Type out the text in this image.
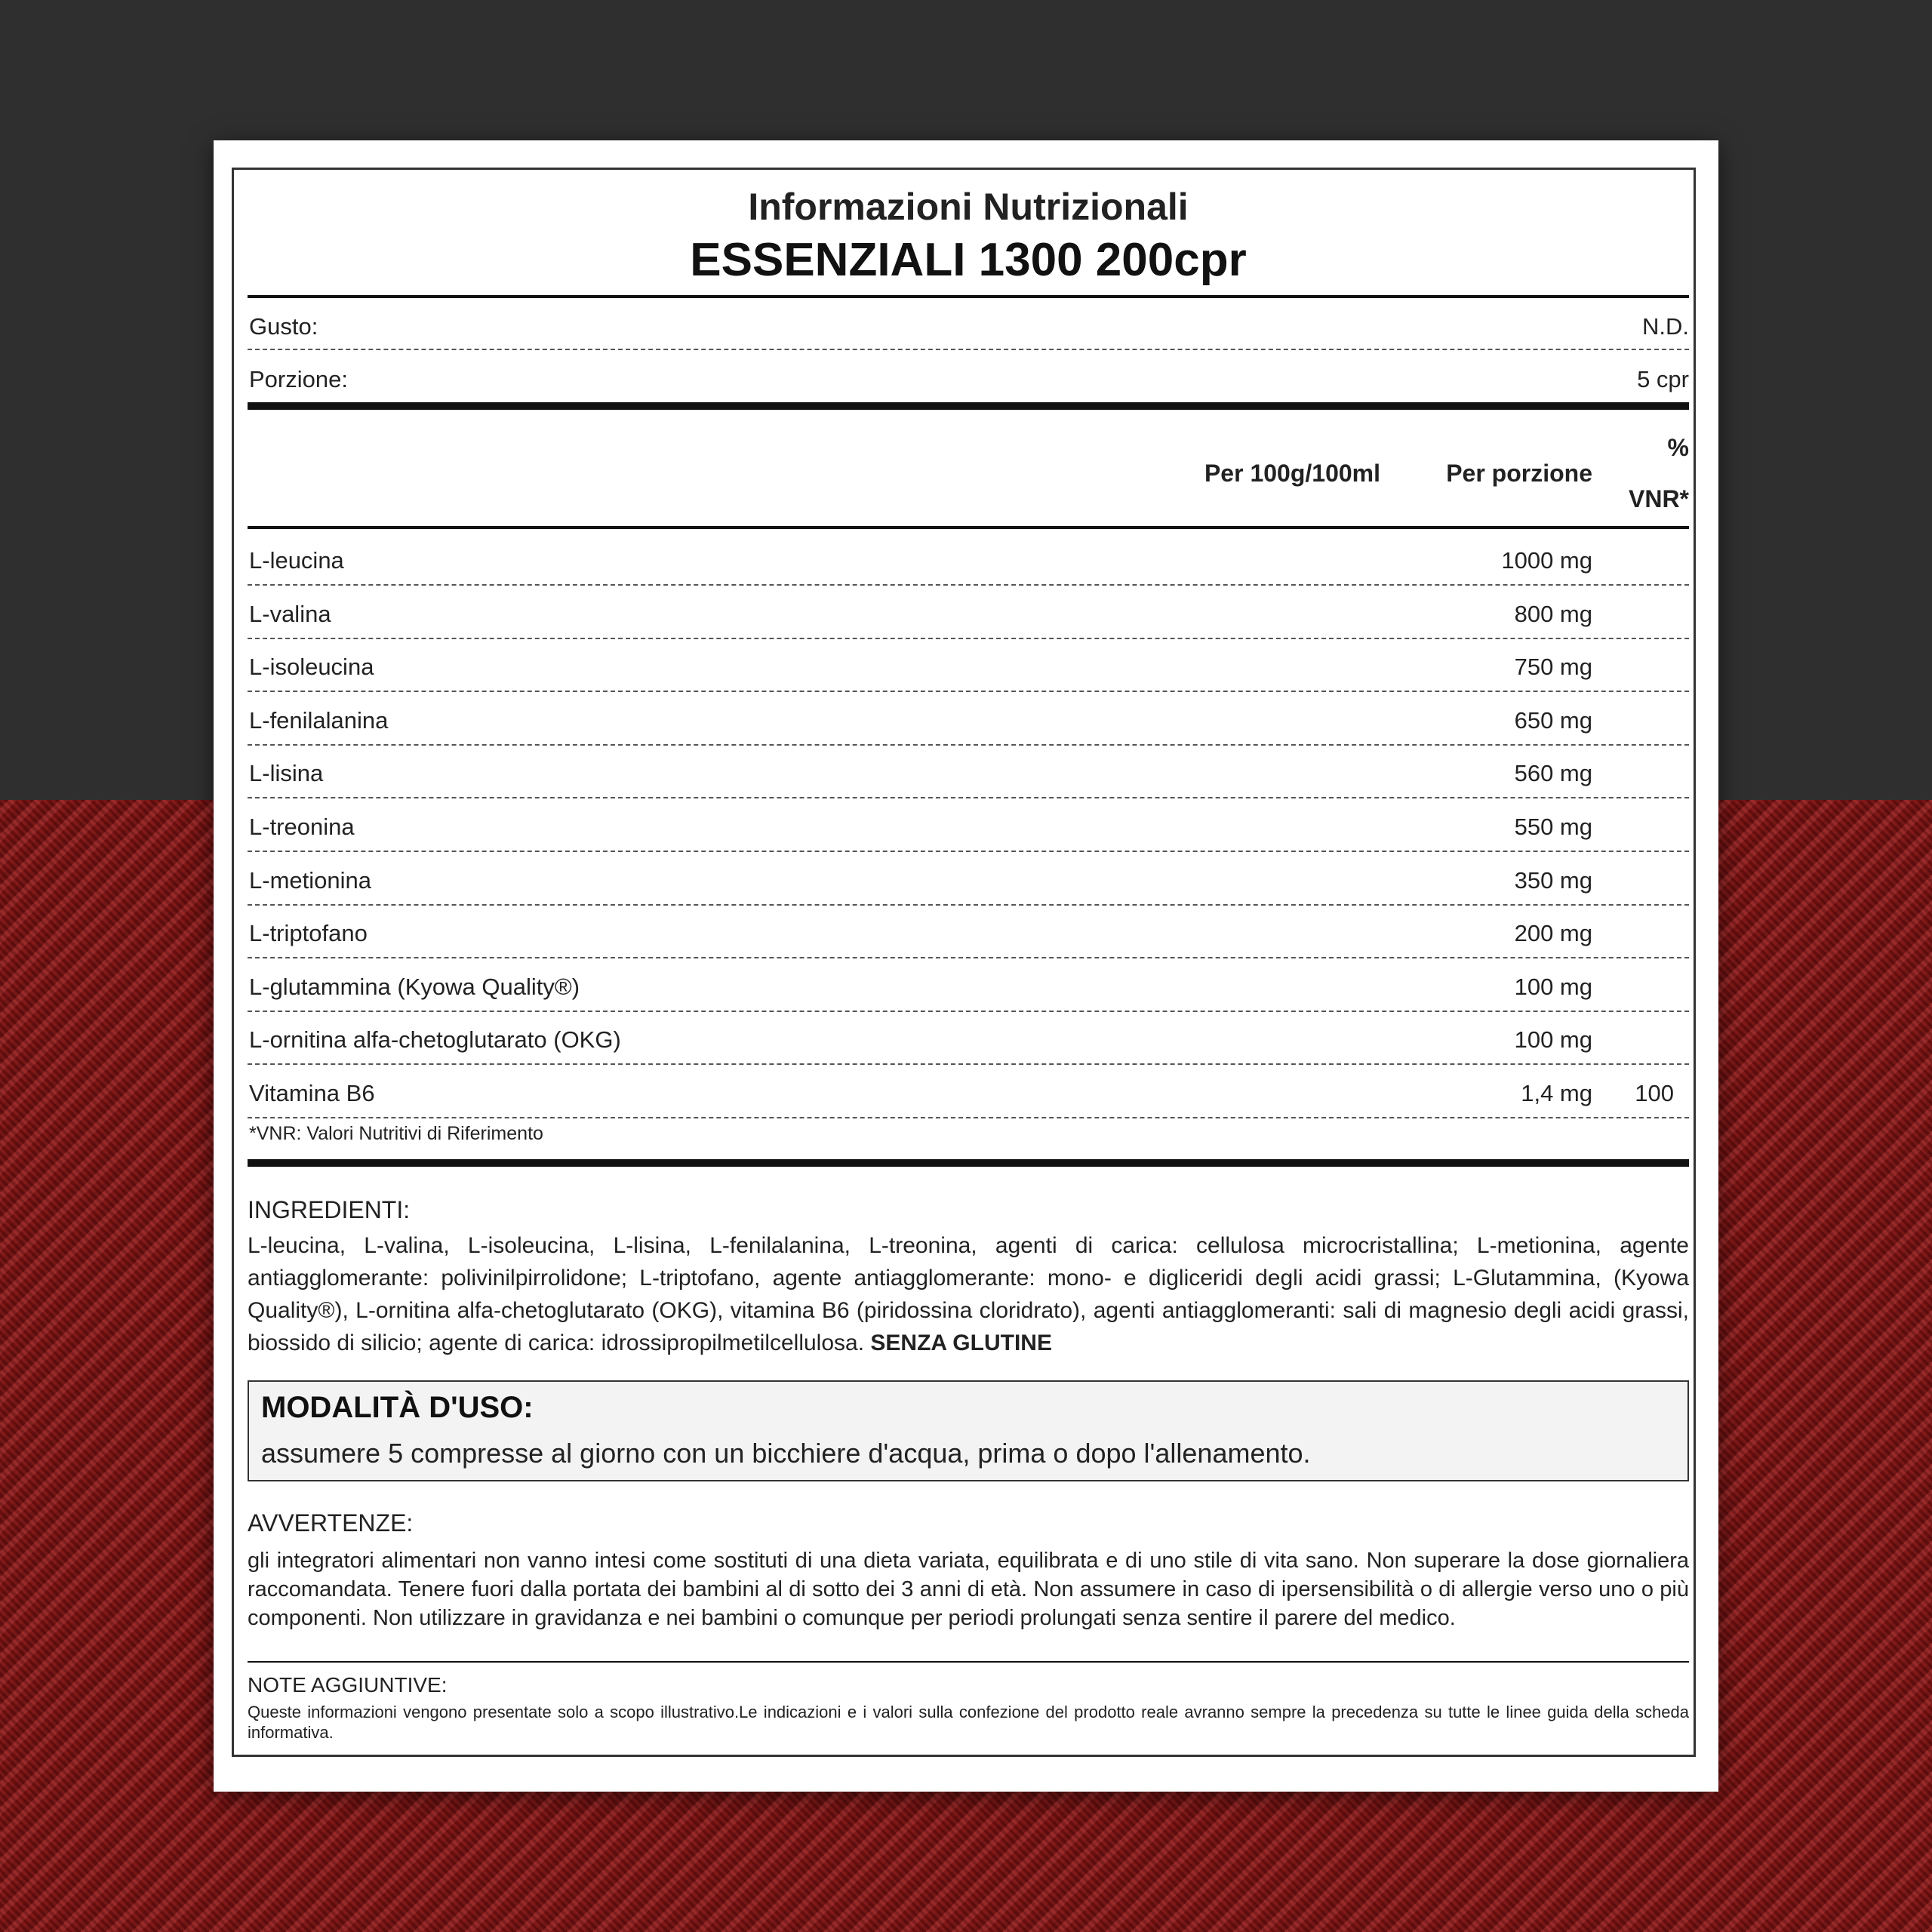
Informazioni Nutrizionali
ESSENZIALI 1300 200cpr
Gusto:	N.D.
Porzione:	5 cpr
Per 100g/100ml	Per porzione
%
VNR*
L-leucina	1000 mg
L-valina	800 mg
L-isoleucina	750 mg
L-fenilalanina	650 mg
L-lisina	560 mg
L-treonina	550 mg
L-metionina	350 mg
L-triptofano	200 mg
L-glutammina (Kyowa Quality®)	100 mg
L-ornitina alfa-chetoglutarato (OKG)	100 mg
Vitamina B6	1,4 mg 100
*VNR: Valori Nutritivi di Riferimento
INGREDIENTI:
L-leucina, L-valina, L-isoleucina, L-lisina, L-fenilalanina, L-treonina, agenti di carica: cellulosa microcristallina; L-metionina, agente antiagglomerante: polivinilpirrolidone; L-triptofano, agente antiagglomerante: mono- e digliceridi degli acidi grassi; L-Glutammina, (Kyowa Quality®), L-ornitina alfa-chetoglutarato (OKG), vitamina B6 (piridossina cloridrato), agenti antiagglomeranti: sali di magnesio degli acidi grassi, biossido di silicio; agente di carica: idrossipropilmetilcellulosa. SENZA GLUTINE
MODALITÀ D'USO:
assumere 5 compresse al giorno con un bicchiere d'acqua, prima o dopo l'allenamento.
AVVERTENZE:
gli integratori alimentari non vanno intesi come sostituti di una dieta variata, equilibrata e di uno stile di vita sano. Non superare la dose giornaliera raccomandata. Tenere fuori dalla portata dei bambini al di sotto dei 3 anni di età. Non assumere in caso di ipersensibilità o di allergie verso uno o più componenti. Non utilizzare in gravidanza e nei bambini o comunque per periodi prolungati senza sentire il parere del medico.
NOTE AGGIUNTIVE:
Queste informazioni vengono presentate solo a scopo illustrativo.Le indicazioni e i valori sulla confezione del prodotto reale avranno sempre la precedenza su tutte le linee guida della scheda informativa.
